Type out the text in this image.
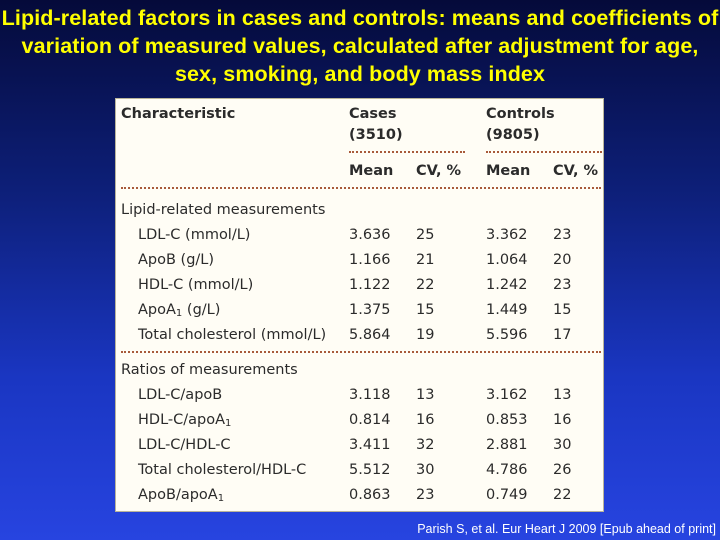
Lipid-related factors in cases and controls: means and coefficients of variation of measured values, calculated after adjustment for age, sex, smoking, and body mass index
Characteristic	Cases
(3510)
Controls
(9805)
Mean CV, % Mean CV, %
Lipid-related measurements
LDL-C (mmol/L)	3.636 25	3.362 23
ApoB (g/L)	1.166 21	1.064 20
HDL-C (mmol/L)	1.122 22	1.242 23
ApoA$_1$ (g/L)	1.375 15	1.449 15
Total cholesterol (mmol/L) 5.864 19	5.596 17
Ratios of measurements
LDL-C/apoB	3.118 13	3.162 13
HDL-C/apoA$_1$	0.814 16	0.853 16
LDL-C/HDL-C	3.411 32	2.881 30
Total cholesterol/HDL-C	5.512 30	4.786 26
ApoB/apoA$_1$	0.863 23	0.749 22
Parish S, et al. Eur Heart J 2009 [Epub ahead of print]
